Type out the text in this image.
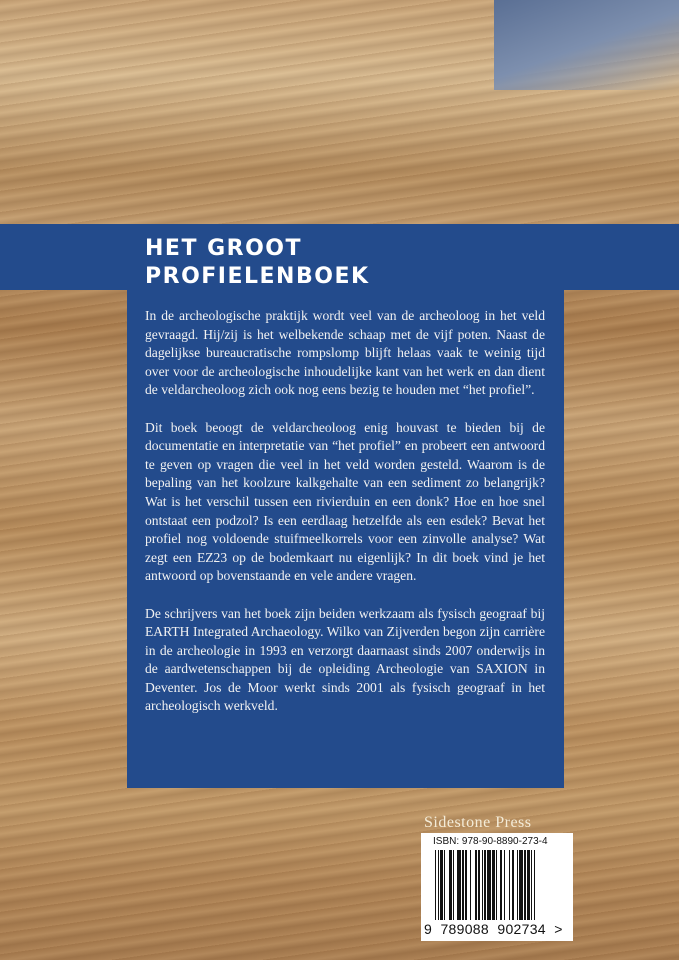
HET GROOT
PROFIELENBOEK

In de archeologische praktijk wordt veel van de archeoloog in het veld gevraagd. Hij/zij is het welbekende schaap met de vijf poten. Naast de dagelijkse bureaucratische rompslomp blijft helaas vaak te weinig tijd over voor de archeologische inhoudelijke kant van het werk en dan dient de veldarcheoloog zich ook nog eens bezig te houden met “het profiel”.

Dit boek beoogt de veldarcheoloog enig houvast te bieden bij de documentatie en interpretatie van “het profiel” en probeert een antwoord te geven op vragen die veel in het veld worden gesteld. Waarom is de bepaling van het koolzure kalkgehalte van een sediment zo belangrijk? Wat is het verschil tussen een rivierduin en een donk? Hoe en hoe snel ontstaat een podzol? Is een eerdlaag hetzelfde als een esdek? Bevat het profiel nog voldoende stuifmeelkorrels voor een zinvolle analyse? Wat zegt een EZ23 op de bodemkaart nu eigenlijk? In dit boek vind je het antwoord op bovenstaande en vele andere vragen.

De schrijvers van het boek zijn beiden werkzaam als fysisch geograaf bij EARTH Integrated Archaeology. Wilko van Zijverden begon zijn carrière in de archeologie in 1993 en verzorgt daarnaast sinds 2007 onderwijs in de aardwetenschappen bij de opleiding Archeologie van SAXION in Deventer. Jos de Moor werkt sinds 2001 als fysisch geograaf in het archeologisch werkveld.

Sidestone Press
ISBN: 978-90-8890-273-4
9  789088  902734  >
